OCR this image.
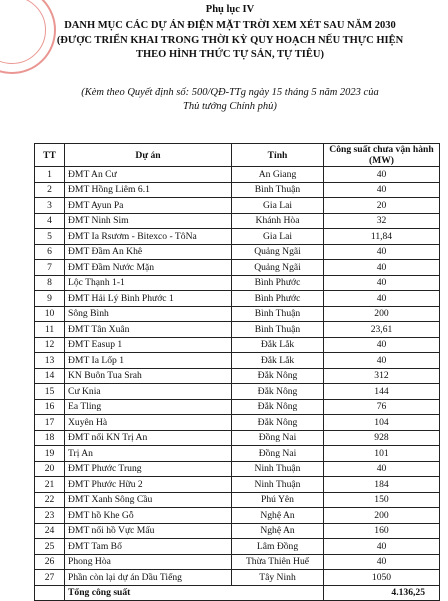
Phụ lục IV
DANH MỤC CÁC DỰ ÁN ĐIỆN MẶT TRỜI XEM XÉT SAU NĂM 2030
(ĐƯỢC TRIỂN KHAI TRONG THỜI KỲ QUY HOẠCH NẾU THỰC HIỆN
THEO HÌNH THỨC TỰ SẢN, TỰ TIÊU)
(Kèm theo Quyết định số: 500/QĐ-TTg ngày 15 tháng 5 năm 2023 của
Thủ tướng Chính phủ)
TT	Dự án	Tỉnh	Công suất chưa vận hành (MW)
1	ĐMT An Cư	An Giang	40
2	ĐMT Hồng Liêm 6.1	Bình Thuận	40
3	ĐMT Ayun Pa	Gia Lai	20
4	ĐMT Ninh Sim	Khánh Hòa	32
5	ĐMT Ia Rsươm - Bitexco - TôNa	Gia Lai	11,84
6	ĐMT Đầm An Khê	Quảng Ngãi	40
7	ĐMT Đầm Nước Mặn	Quảng Ngãi	40
8	Lộc Thạnh 1-1	Bình Phước	40
9	ĐMT Hải Lý Bình Phước 1	Bình Phước	40
10	Sông Bình	Bình Thuận	200
11	ĐMT Tân Xuân	Bình Thuận	23,61
12	ĐMT Easup 1	Đắk Lắk	40
13	ĐMT Ia Lốp 1	Đắk Lắk	40
14	KN Buôn Tua Srah	Đắk Nông	312
15	Cư Knia	Đắk Nông	144
16	Ea Tling	Đắk Nông	76
17	Xuyên Hà	Đắk Nông	104
18	ĐMT nổi KN Trị An	Đồng Nai	928
19	Trị An	Đồng Nai	101
20	ĐMT Phước Trung	Ninh Thuận	40
21	ĐMT Phước Hữu 2	Ninh Thuận	184
22	ĐMT Xanh Sông Cầu	Phú Yên	150
23	ĐMT hồ Khe Gỗ	Nghệ An	200
24	ĐMT nổi hồ Vực Mấu	Nghệ An	160
25	ĐMT Tam Bố	Lâm Đồng	40
26	Phong Hòa	Thừa Thiên Huế	40
27	Phần còn lại dự án Dầu Tiếng	Tây Ninh	1050
	Tổng công suất		4.136,25
